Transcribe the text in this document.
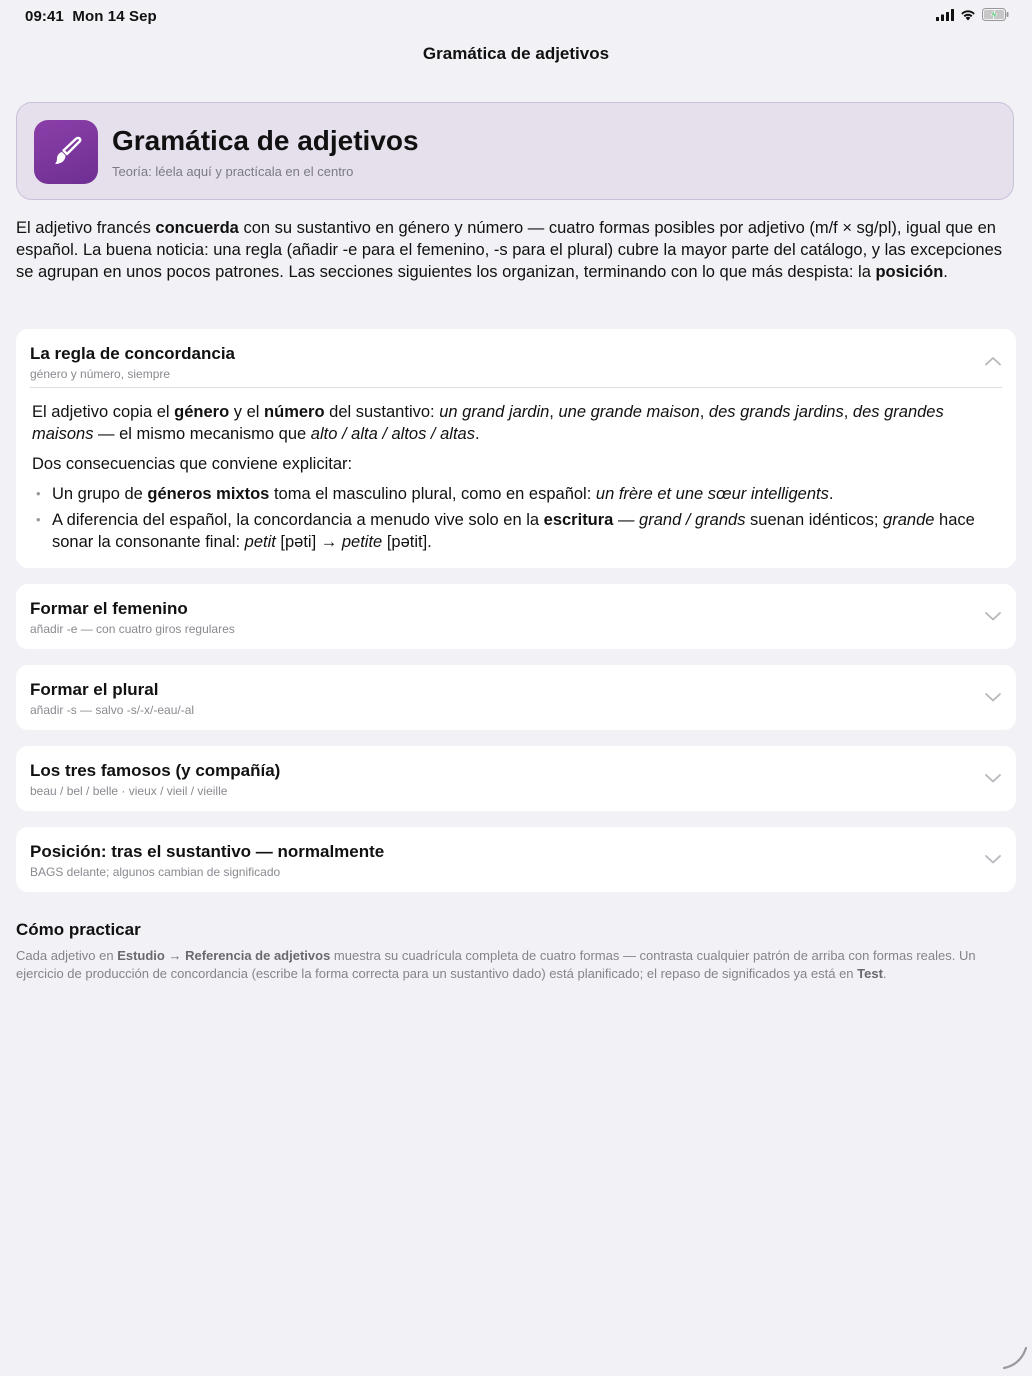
09:41 Mon 14 Sep
Gramática de adjetivos
Gramática de adjetivos
Teoría: léela aquí y practícala en el centro
El adjetivo francés concuerda con su sustantivo en género y número — cuatro formas posibles por adjetivo (m/f × sg/pl), igual que en español. La buena noticia: una regla (añadir -e para el femenino, -s para el plural) cubre la mayor parte del catálogo, y las excepciones se agrupan en unos pocos patrones. Las secciones siguientes los organizan, terminando con lo que más despista: la posición.
La regla de concordancia
género y número, siempre

El adjetivo copia el género y el número del sustantivo: un grand jardin, une grande maison, des grands jardins, des grandes maisons — el mismo mecanismo que alto / alta / altos / altas.

Dos consecuencias que conviene explicitar:

• Un grupo de géneros mixtos toma el masculino plural, como en español: un frère et une sœur intelligents.
• A diferencia del español, la concordancia a menudo vive solo en la escritura — grand / grands suenan idénticos; grande hace sonar la consonante final: petit [pəti] → petite [pətit].
Formar el femenino
añadir -e — con cuatro giros regulares
Formar el plural
añadir -s — salvo -s/-x/-eau/-al
Los tres famosos (y compañía)
beau / bel / belle · vieux / vieil / vieille
Posición: tras el sustantivo — normalmente
BAGS delante; algunos cambian de significado
Cómo practicar
Cada adjetivo en Estudio → Referencia de adjetivos muestra su cuadrícula completa de cuatro formas — contrasta cualquier patrón de arriba con formas reales. Un ejercicio de producción de concordancia (escribe la forma correcta para un sustantivo dado) está planificado; el repaso de significados ya está en Test.
